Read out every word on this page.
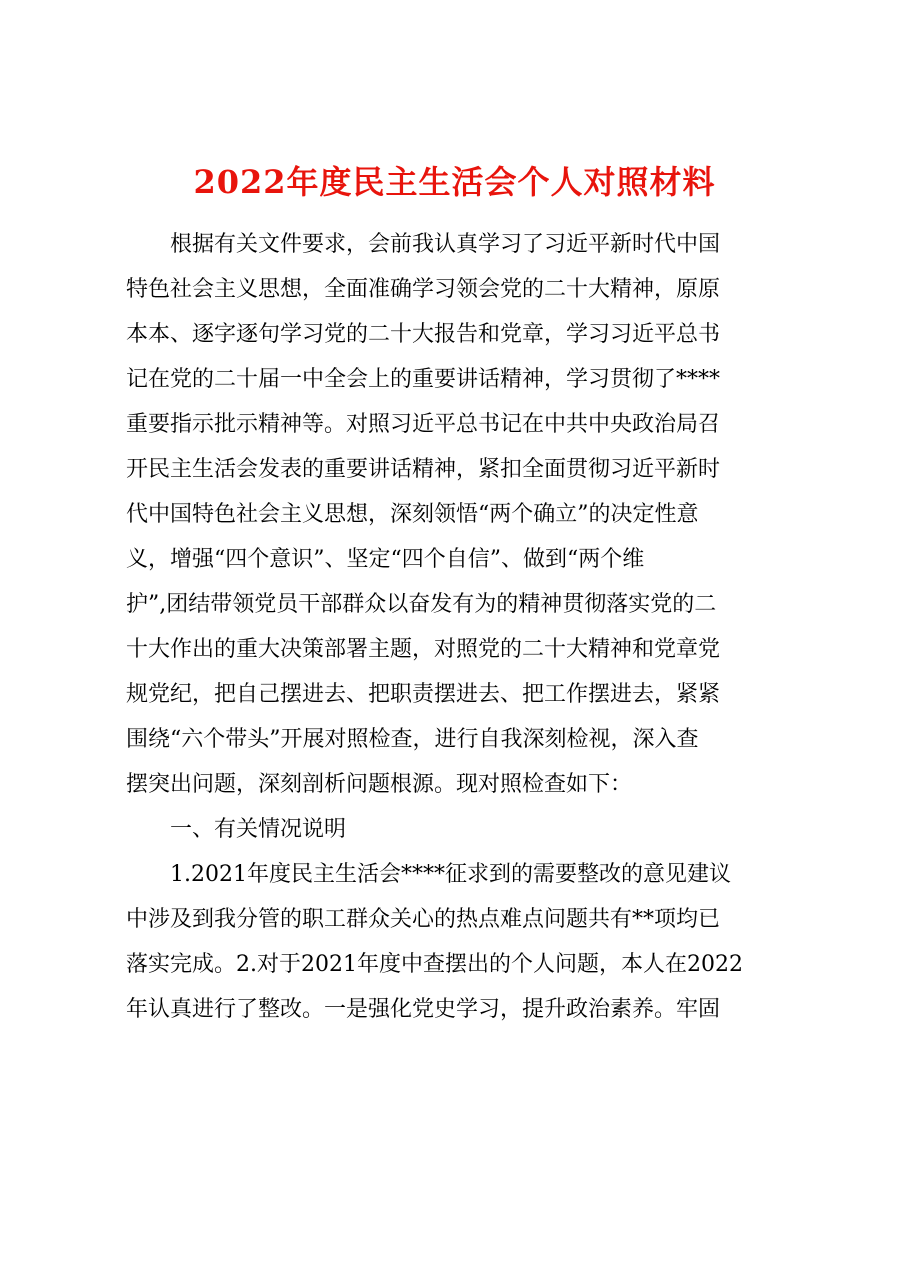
2022年度民主生活会个人对照材料
根据有关文件要求，会前我认真学习了习近平新时代中国
特色社会主义思想，全面准确学习领会党的二十大精神，原原
本本、逐字逐句学习党的二十大报告和党章，学习习近平总书
记在党的二十届一中全会上的重要讲话精神，学习贯彻了****
重要指示批示精神等。对照习近平总书记在中共中央政治局召
开民主生活会发表的重要讲话精神，紧扣全面贯彻习近平新时
代中国特色社会主义思想，深刻领悟“两个确立”的决定性意
义，增强“四个意识”、坚定“四个自信”、做到“两个维
护”,团结带领党员干部群众以奋发有为的精神贯彻落实党的二
十大作出的重大决策部署主题，对照党的二十大精神和党章党
规党纪，把自己摆进去、把职责摆进去、把工作摆进去，紧紧
围绕“六个带头”开展对照检查，进行自我深刻检视，深入查
摆突出问题，深刻剖析问题根源。现对照检查如下：
一、有关情况说明
1.2021年度民主生活会****征求到的需要整改的意见建议
中涉及到我分管的职工群众关心的热点难点问题共有**项均已
落实完成。2.对于2021年度中查摆出的个人问题，本人在2022
年认真进行了整改。一是强化党史学习，提升政治素养。牢固
